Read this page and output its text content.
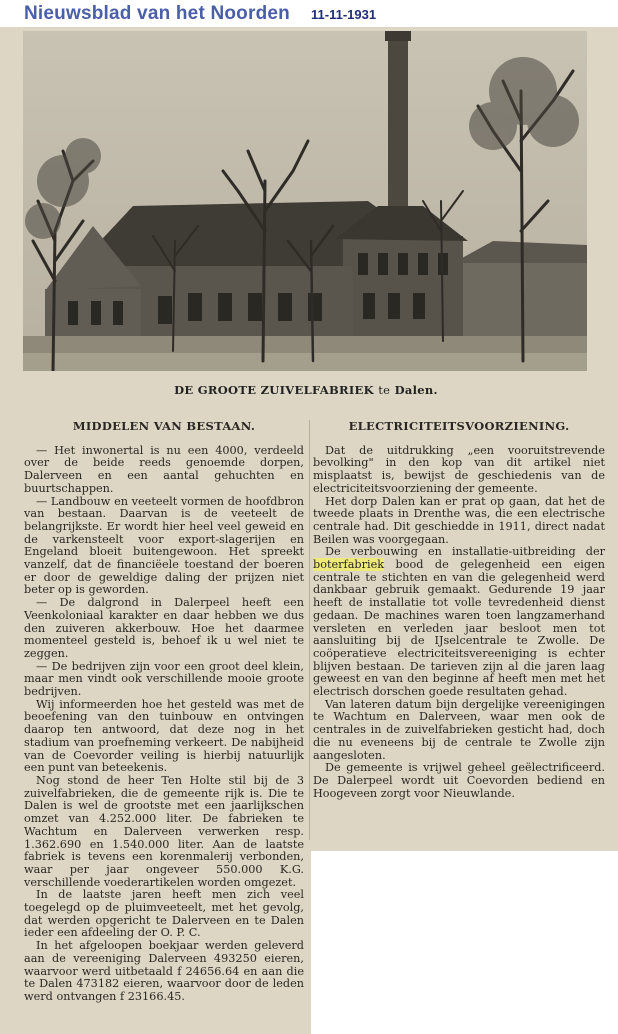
Nieuwsblad van het Noorden 11-11-1931
DE GROOTE ZUIVELFABRIEK te Dalen.
MIDDELEN VAN BESTAAN.

— Het inwonertal is nu een 4000, verdeeld over de beide reeds genoemde dorpen, Dalerveen en een aantal gehuchten en buurtschappen.

— Landbouw en veeteelt vormen de hoofdbron van bestaan. Daarvan is de veeteelt de belangrijkste. Er wordt hier heel veel geweid en de varkensteelt voor export-slagerijen en Engeland bloeit buitengewoon. Het spreekt vanzelf, dat de financiëele toestand der boeren er door de geweldige daling der prijzen niet beter op is geworden.

— De dalgrond in Dalerpeel heeft een Veenkoloniaal karakter en daar hebben we dus den zuiveren akkerbouw. Hoe het daarmee momenteel gesteld is, behoef ik u wel niet te zeggen.

— De bedrijven zijn voor een groot deel klein, maar men vindt ook verschillende mooie groote bedrijven.

Wij informeerden hoe het gesteld was met de beoefening van den tuinbouw en ontvingen daarop ten antwoord, dat deze nog in het stadium van proefneming verkeert. De nabijheid van de Coevorder veiling is hierbij natuurlijk een punt van beteekenis.

Nog stond de heer Ten Holte stil bij de 3 zuivelfabrieken, die de gemeente rijk is. Die te Dalen is wel de grootste met een jaarlijkschen omzet van 4.252.000 liter. De fabrieken te Wachtum en Dalerveen verwerken resp. 1.362.690 en 1.540.000 liter. Aan de laatste fabriek is tevens een korenmalerij verbonden, waar per jaar ongeveer 550.000 K.G. verschillende voederartikelen worden omgezet.

In de laatste jaren heeft men zich veel toegelegd op de pluimveeteelt, met het gevolg, dat werden opgericht te Dalerveen en te Dalen ieder een afdeeling der O. P. C.

In het afgeloopen boekjaar werden geleverd aan de vereeniging Dalerveen 493250 eieren, waarvoor werd uitbetaald f 24656.64 en aan die te Dalen 473182 eieren, waarvoor door de leden werd ontvangen f 23166.45.

ELECTRICITEITSVOORZIENING.

Dat de uitdrukking „een vooruitstrevende bevolking" in den kop van dit artikel niet misplaatst is, bewijst de geschiedenis van de electriciteitsvoorziening der gemeente.

Het dorp Dalen kan er prat op gaan, dat het de tweede plaats in Drenthe was, die een electrische centrale had. Dit geschiedde in 1911, direct nadat Beilen was voorgegaan.

De verbouwing en installatie-uitbreiding der boterfabriek bood de gelegenheid een eigen centrale te stichten en van die gelegenheid werd dankbaar gebruik gemaakt. Gedurende 19 jaar heeft de installatie tot volle tevredenheid dienst gedaan. De machines waren toen langzamerhand versleten en verleden jaar besloot men tot aansluiting bij de IJselcentrale te Zwolle. De coöperatieve electriciteitsvereeniging is echter blijven bestaan. De tarieven zijn al die jaren laag geweest en van den beginne af heeft men met het electrisch dorschen goede resultaten gehad.

Van lateren datum bijn dergelijke vereenigingen te Wachtum en Dalerveen, waar men ook de centrales in de zuivelfabrieken gesticht had, doch die nu eveneens bij de centrale te Zwolle zijn aangesloten.

De gemeente is vrijwel geheel geëlectrificeerd. De Dalerpeel wordt uit Coevorden bediend en Hoogeveen zorgt voor Nieuwlande.
